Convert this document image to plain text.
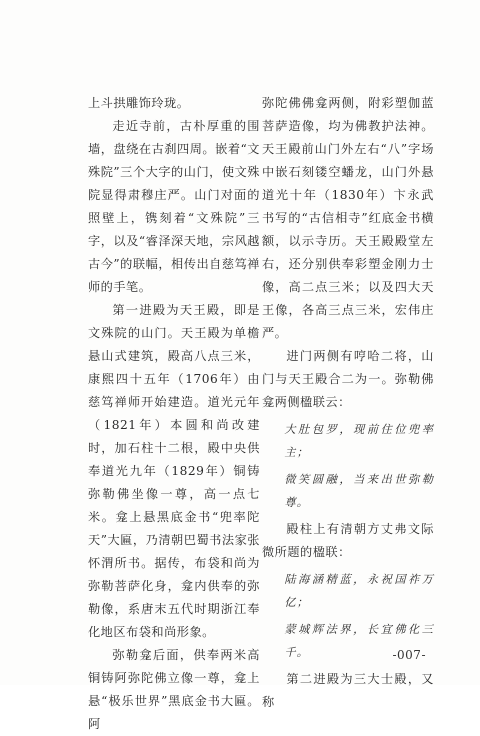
上斗拱雕饰玲珑。

走近寺前，古朴厚重的围墙，盘绕在古刹四周。嵌着“文殊院”三个大字的山门，使文殊院显得肃穆庄严。山门对面的照壁上，镌刻着“文殊院”三字，以及“睿泽深天地，宗风越古今”的联幅，相传出自慈笃禅师的手笔。

第一进殿为天王殿，即是文殊院的山门。天王殿为单檐悬山式建筑，殿高八点三米，康熙四十五年（1706年）由慈笃禅师开始建造。道光元年（1821年）本圆和尚改建时，加石柱十二根，殿中央供奉道光九年（1829年）铜铸弥勒佛坐像一尊，高一点七米。龛上悬黑底金书“兜率陀天”大匾，乃清朝巴蜀书法家张怀渭所书。据传，布袋和尚为弥勒菩萨化身，龛内供奉的弥勒像，系唐末五代时期浙江奉化地区布袋和尚形象。

弥勒龛后面，供奉两米高铜铸阿弥陀佛立像一尊，龛上悬“极乐世界”黑底金书大匾。阿

弥陀佛佛龛两侧，附彩塑伽蓝菩萨造像，均为佛教护法神。天王殿前山门外左右“八”字场中嵌石刻镂空蟠龙，山门外悬道光十年（1830年）卞永武书写的“古信相寺”红底金书横额，以示寺历。天王殿殿堂左右，还分别供奉彩塑金刚力士像，高二点三米；以及四大天王像，各高三点三米，宏伟庄严。

进门两侧有哼哈二将，山门与天王殿合二为一。弥勒佛龛两侧楹联云：

大肚包罗，现前住位兜率主；

微笑圆融，当来出世弥勒尊。

殿柱上有清朝方丈弗文际微所题的楹联：

陆海涵精蓝，永祝国祚万亿；

蒙城辉法界，长宜佛化三千。

第二进殿为三大士殿，又称

-007-
